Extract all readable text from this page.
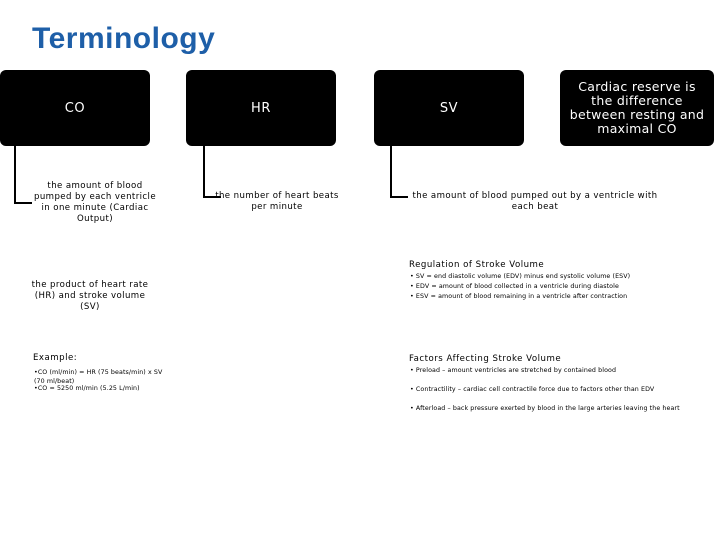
Terminology
CO	HR	SV
Cardiac reserve is the difference between resting and maximal CO
the amount of blood pumped by each ventricle in one minute (Cardiac Output)
the number of heart beats per minute
the amount of blood pumped out by a ventricle with each beat
the product of heart rate (HR) and stroke volume (SV)
Example:
•CO (ml/min) = HR (75 beats/min) x SV (70 ml/beat)
•CO = 5250 ml/min (5.25 L/min)
Regulation of Stroke Volume
• SV = end diastolic volume (EDV) minus end systolic volume (ESV)
• EDV = amount of blood collected in a ventricle during diastole
• ESV = amount of blood remaining in a ventricle after contraction
Factors Affecting Stroke Volume
• Preload – amount ventricles are stretched by contained blood
• Contractility – cardiac cell contractile force due to factors other than EDV
• Afterload – back pressure exerted by blood in the large arteries leaving the heart
